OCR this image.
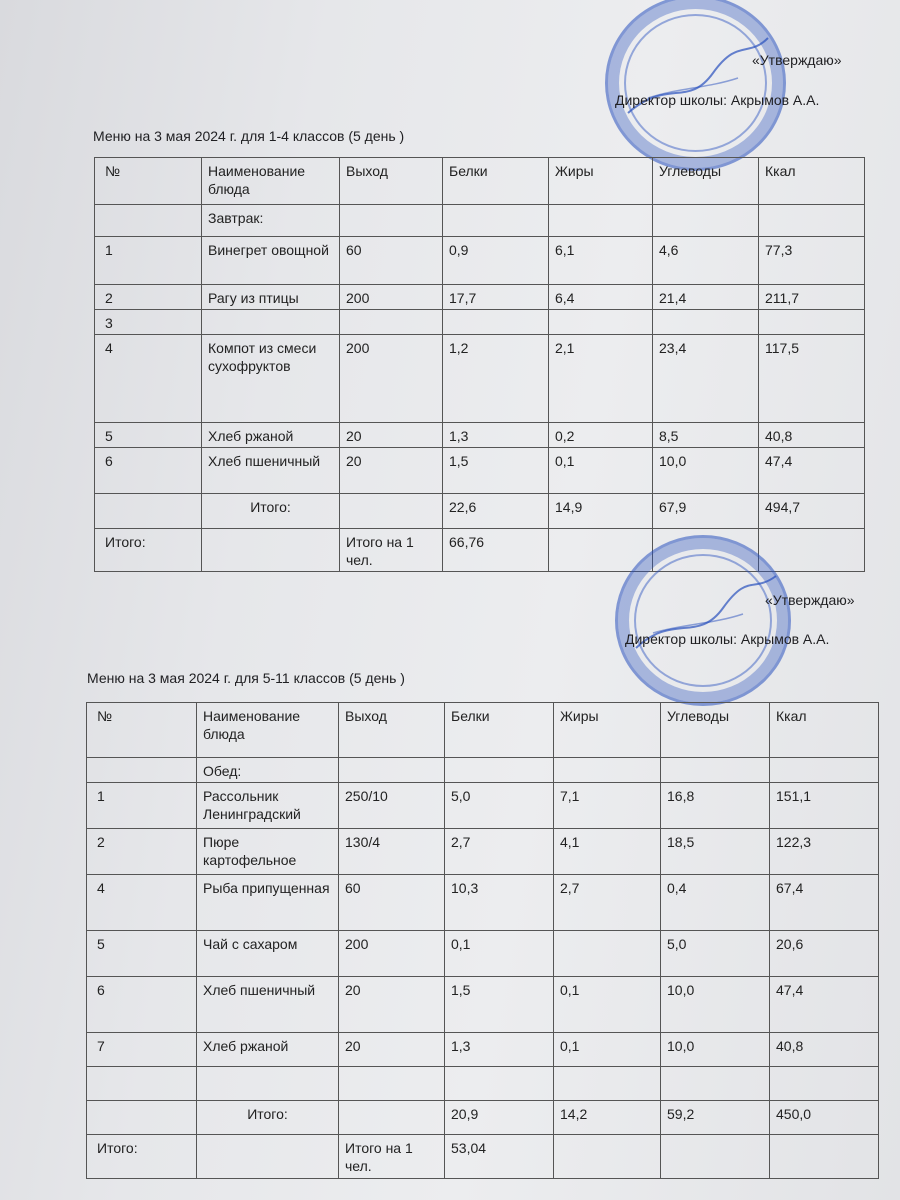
«Утверждаю»
Директор школы: Акрымов А.А.
Меню на 3 мая 2024 г. для 1-4 классов (5 день )
№	Наименование блюда	Выход	Белки	Жиры	Углеводы	Ккал
	Завтрак:					
1	Винегрет овощной	60	0,9	6,1	4,6	77,3
2	Рагу из птицы	200	17,7	6,4	21,4	211,7
3						
4	Компот из смеси сухофруктов	200	1,2	2,1	23,4	117,5
5	Хлеб ржаной	20	1,3	0,2	8,5	40,8
6	Хлеб пшеничный	20	1,5	0,1	10,0	47,4
	Итого:		22,6	14,9	67,9	494,7
Итого:		Итого на 1 чел.	66,76			
«Утверждаю»
Директор школы: Акрымов А.А.
Меню на 3 мая 2024 г. для 5-11 классов (5 день )
№	Наименование блюда	Выход	Белки	Жиры	Углеводы	Ккал
	Обед:					
1	Рассольник Ленинградский	250/10	5,0	7,1	16,8	151,1
2	Пюре картофельное	130/4	2,7	4,1	18,5	122,3
4	Рыба припущенная	60	10,3	2,7	0,4	67,4
5	Чай с сахаром	200	0,1		5,0	20,6
6	Хлеб пшеничный	20	1,5	0,1	10,0	47,4
7	Хлеб ржаной	20	1,3	0,1	10,0	40,8

	Итого:		20,9	14,2	59,2	450,0
Итого:		Итого на 1 чел.	53,04			
